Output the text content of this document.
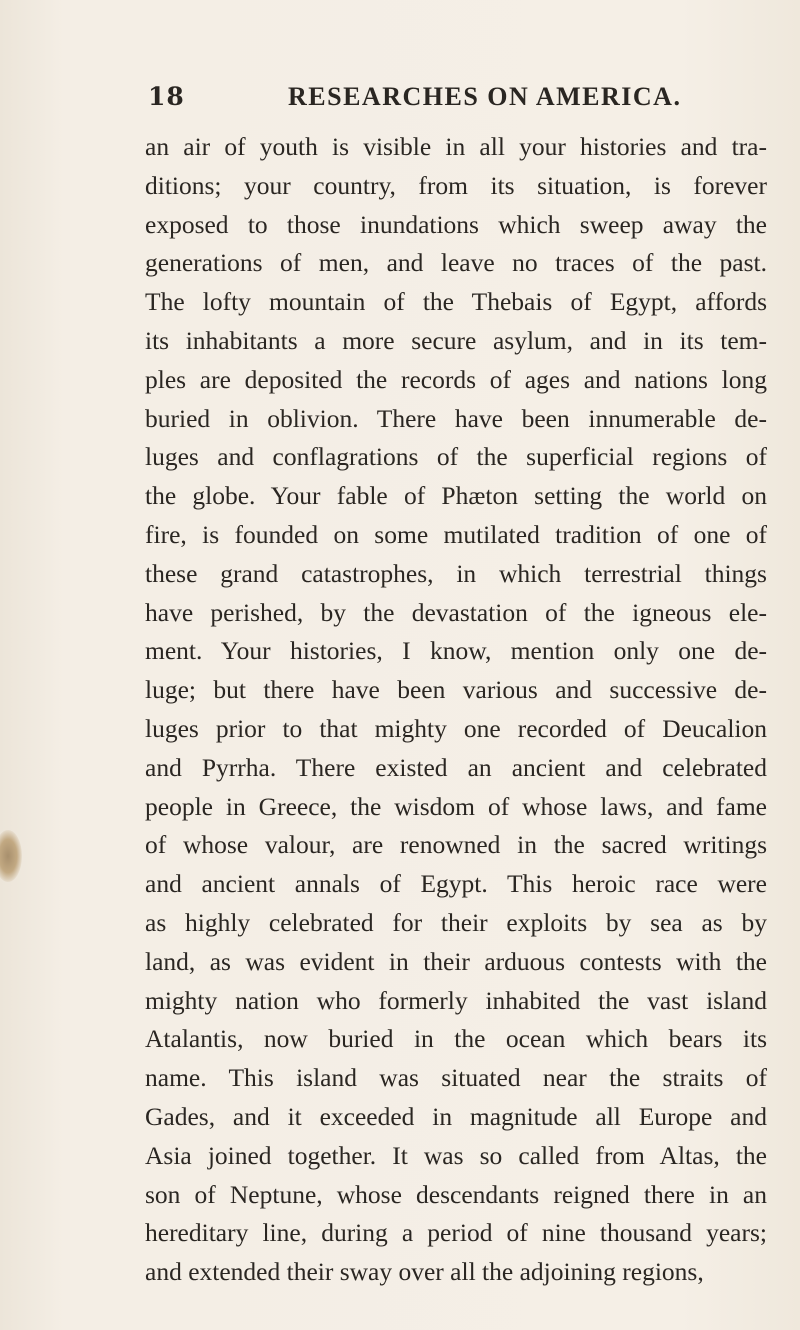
18	RESEARCHES ON AMERICA.
an air of youth is visible in all your histories and tra-
ditions; your country, from its situation, is forever
exposed to those inundations which sweep away the
generations of men, and leave no traces of the past.
The lofty mountain of the Thebais of Egypt, affords
its inhabitants a more secure asylum, and in its tem-
ples are deposited the records of ages and nations long
buried in oblivion. There have been innumerable de-
luges and conflagrations of the superficial regions of
the globe. Your fable of Phæton setting the world on
fire, is founded on some mutilated tradition of one of
these grand catastrophes, in which terrestrial things
have perished, by the devastation of the igneous ele-
ment. Your histories, I know, mention only one de-
luge; but there have been various and successive de-
luges prior to that mighty one recorded of Deucalion
and Pyrrha. There existed an ancient and celebrated
people in Greece, the wisdom of whose laws, and fame
of whose valour, are renowned in the sacred writings
and ancient annals of Egypt. This heroic race were
as highly celebrated for their exploits by sea as by
land, as was evident in their arduous contests with the
mighty nation who formerly inhabited the vast island
Atalantis, now buried in the ocean which bears its
name. This island was situated near the straits of
Gades, and it exceeded in magnitude all Europe and
Asia joined together. It was so called from Altas, the
son of Neptune, whose descendants reigned there in an
hereditary line, during a period of nine thousand years;
and extended their sway over all the adjoining regions,
